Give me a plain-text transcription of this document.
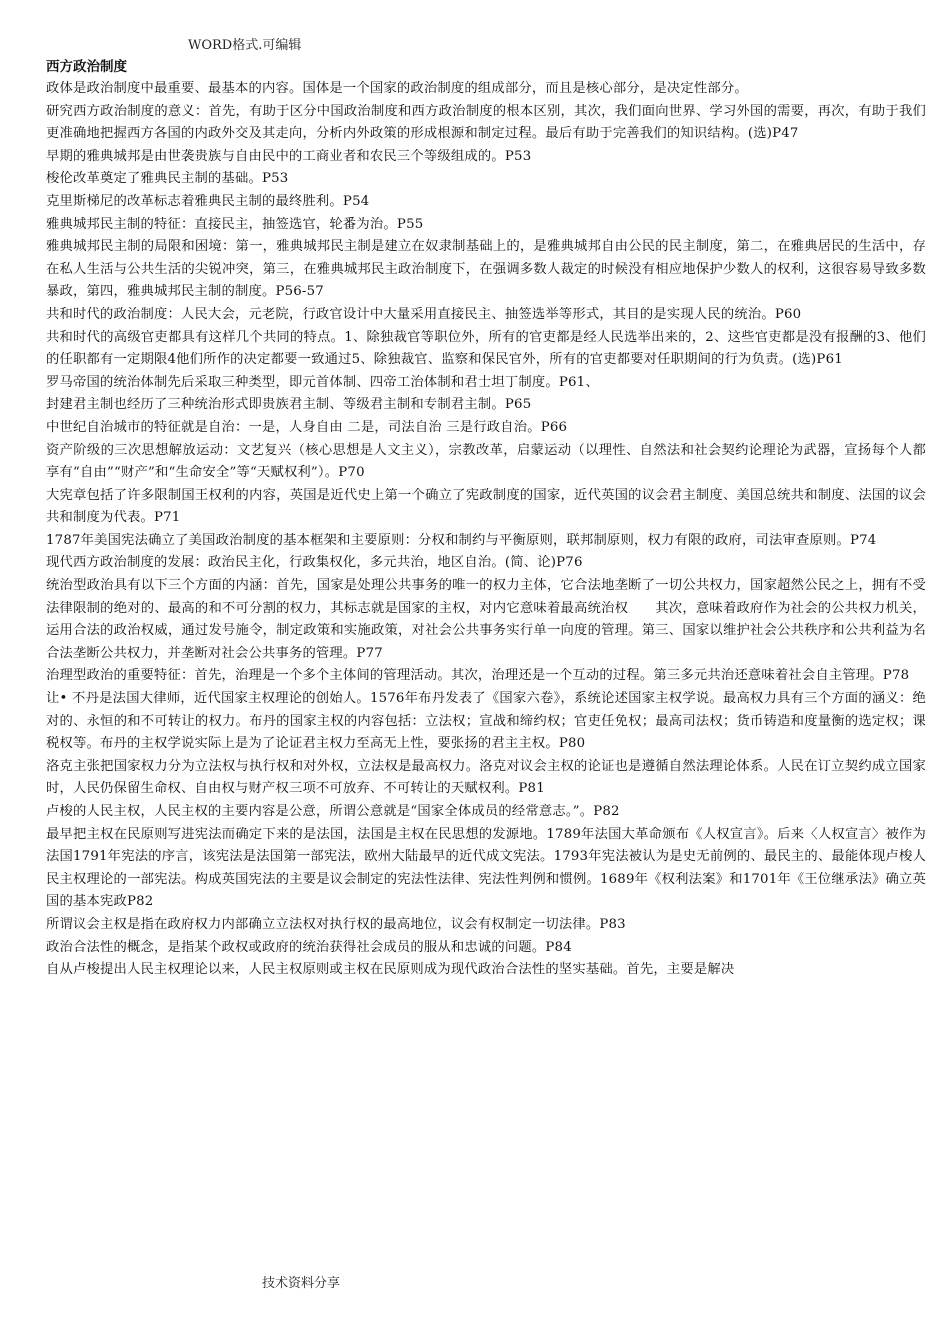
WORD格式.可编辑
西方政治制度

政体是政治制度中最重要、最基本的内容。国体是一个国家的政治制度的组成部分，而且是核心部分，是决定性部分。

研究西方政治制度的意义：首先，有助于区分中国政治制度和西方政治制度的根本区别，其次，我们面向世界、学习外国的需要，再次，有助于我们更准确地把握西方各国的内政外交及其走向，分析内外政策的形成根源和制定过程。最后有助于完善我们的知识结构。(选)P47

早期的雅典城邦是由世袭贵族与自由民中的工商业者和农民三个等级组成的。P53

梭伦改革奠定了雅典民主制的基础。P53

克里斯梯尼的改革标志着雅典民主制的最终胜利。P54

雅典城邦民主制的特征：直接民主，抽签选官，轮番为治。P55

雅典城邦民主制的局限和困境：第一，雅典城邦民主制是建立在奴隶制基础上的，是雅典城邦自由公民的民主制度，第二，在雅典居民的生活中，存在私人生活与公共生活的尖锐冲突，第三，在雅典城邦民主政治制度下，在强调多数人裁定的时候没有相应地保护少数人的权利，这很容易导致多数暴政，第四，雅典城邦民主制的制度。P56-57

共和时代的政治制度：人民大会，元老院，行政官设计中大量采用直接民主、抽签选举等形式，其目的是实现人民的统治。P60

共和时代的高级官吏都具有这样几个共同的特点。1、除独裁官等职位外，所有的官吏都是经人民选举出来的，2、这些官吏都是没有报酬的3、他们的任职都有一定期限4他们所作的决定都要一致通过5、除独裁官、监察和保民官外，所有的官吏都要对任职期间的行为负责。(选)P61

罗马帝国的统治体制先后采取三种类型，即元首体制、四帝工治体制和君士坦丁制度。P61、

封建君主制也经历了三种统治形式即贵族君主制、等级君主制和专制君主制。P65

中世纪自治城市的特征就是自治：一是，人身自由 二是，司法自治 三是行政自治。P66

资产阶级的三次思想解放运动：文艺复兴（核心思想是人文主义），宗教改革，启蒙运动（以理性、自然法和社会契约论理论为武器，宣扬每个人都享有“自由”“财产”和“生命安全”等“天赋权利”）。P70

大宪章包括了许多限制国王权利的内容，英国是近代史上第一个确立了宪政制度的国家，近代英国的议会君主制度、美国总统共和制度、法国的议会共和制度为代表。P71

1787年美国宪法确立了美国政治制度的基本框架和主要原则：分权和制约与平衡原则，联邦制原则，权力有限的政府，司法审查原则。P74

现代西方政治制度的发展：政治民主化，行政集权化，多元共治，地区自治。(简、论)P76

统治型政治具有以下三个方面的内涵：首先，国家是处理公共事务的唯一的权力主体，它合法地垄断了一切公共权力，国家超然公民之上，拥有不受法律限制的绝对的、最高的和不可分割的权力，其标志就是国家的主权，对内它意味着最高统治权　　其次，意味着政府作为社会的公共权力机关，运用合法的政治权威，通过发号施令，制定政策和实施政策，对社会公共事务实行单一向度的管理。第三、国家以维护社会公共秩序和公共利益为名合法垄断公共权力，并垄断对社会公共事务的管理。P77

治理型政治的重要特征：首先，治理是一个多个主体间的管理活动。其次，治理还是一个互动的过程。第三多元共治还意味着社会自主管理。P78

让• 不丹是法国大律师，近代国家主权理论的创始人。1576年布丹发表了《国家六卷》，系统论述国家主权学说。最高权力具有三个方面的涵义：绝对的、永恒的和不可转让的权力。布丹的国家主权的内容包括：立法权；宣战和缔约权；官吏任免权；最高司法权；货币铸造和度量衡的选定权；课税权等。布丹的主权学说实际上是为了论证君主权力至高无上性，要张扬的君主主权。P80

洛克主张把国家权力分为立法权与执行权和对外权，立法权是最高权力。洛克对议会主权的论证也是遵循自然法理论体系。人民在订立契约成立国家时，人民仍保留生命权、自由权与财产权三项不可放弃、不可转让的天赋权利。P81

卢梭的人民主权，人民主权的主要内容是公意，所谓公意就是“国家全体成员的经常意志。”。P82

最早把主权在民原则写进宪法而确定下来的是法国，法国是主权在民思想的发源地。1789年法国大革命颁布《人权宣言》。后来〈人权宣言〉被作为法国1791年宪法的序言，该宪法是法国第一部宪法，欧州大陆最早的近代成文宪法。1793年宪法被认为是史无前例的、最民主的、最能体现卢梭人民主权理论的一部宪法。构成英国宪法的主要是议会制定的宪法性法律、宪法性判例和惯例。1689年《权利法案》和1701年《王位继承法》确立英国的基本宪政P82

所谓议会主权是指在政府权力内部确立立法权对执行权的最高地位，议会有权制定一切法律。P83

政治合法性的概念，是指某个政权或政府的统治获得社会成员的服从和忠诚的问题。P84

自从卢梭提出人民主权理论以来，人民主权原则或主权在民原则成为现代政治合法性的坚实基础。首先，主要是解决

技术资料分享
